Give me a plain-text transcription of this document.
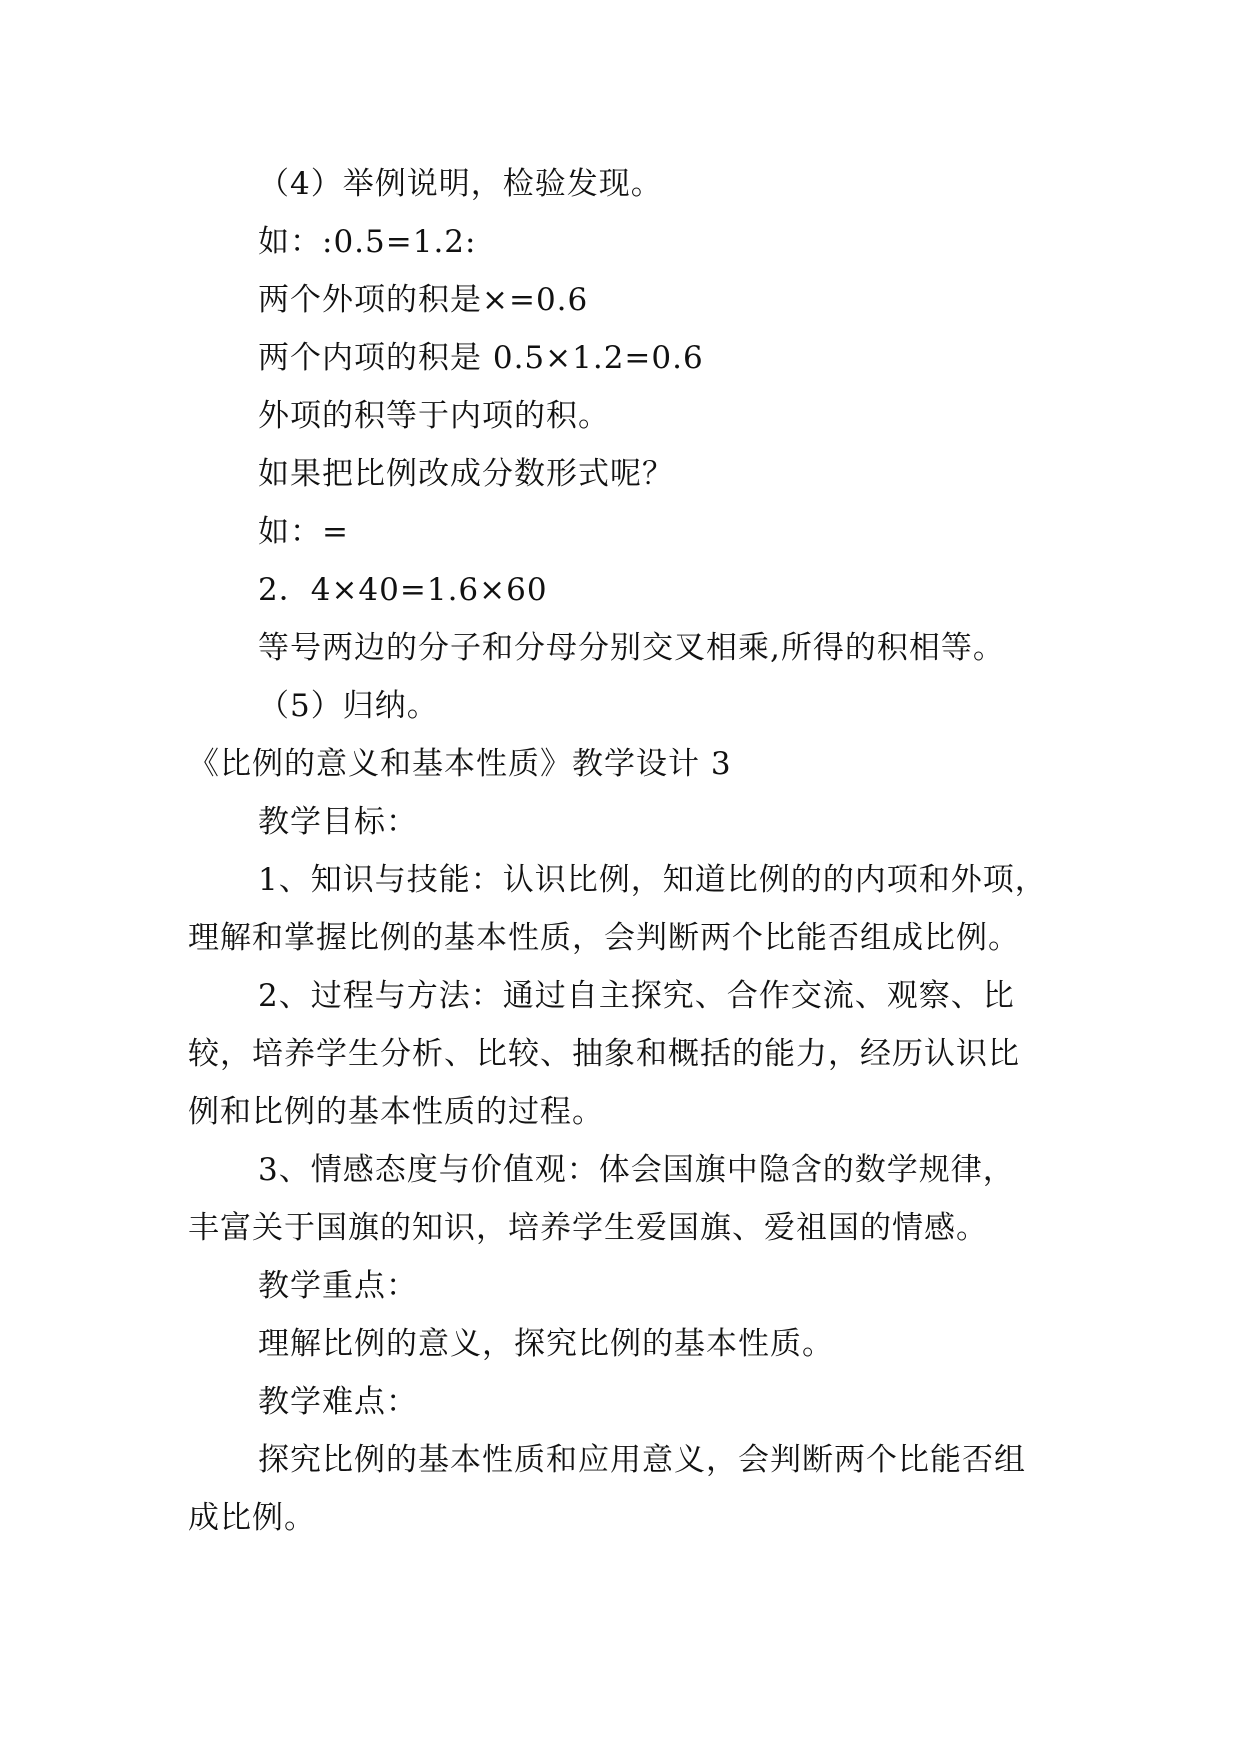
（4）举例说明，检验发现。
如：:0.5=1.2:
两个外项的积是×=0.6
两个内项的积是 0.5×1.2=0.6
外项的积等于内项的积。
如果把比例改成分数形式呢？
如：=
2．4×40=1.6×60
等号两边的分子和分母分别交叉相乘,所得的积相等。
（5）归纳。
《比例的意义和基本性质》教学设计 3
教学目标：
1、知识与技能：认识比例，知道比例的的内项和外项，
理解和掌握比例的基本性质，会判断两个比能否组成比例。
2、过程与方法：通过自主探究、合作交流、观察、比
较，培养学生分析、比较、抽象和概括的能力，经历认识比
例和比例的基本性质的过程。
3、情感态度与价值观：体会国旗中隐含的数学规律，
丰富关于国旗的知识，培养学生爱国旗、爱祖国的情感。
教学重点：
理解比例的意义，探究比例的基本性质。
教学难点：
探究比例的基本性质和应用意义，会判断两个比能否组
成比例。
